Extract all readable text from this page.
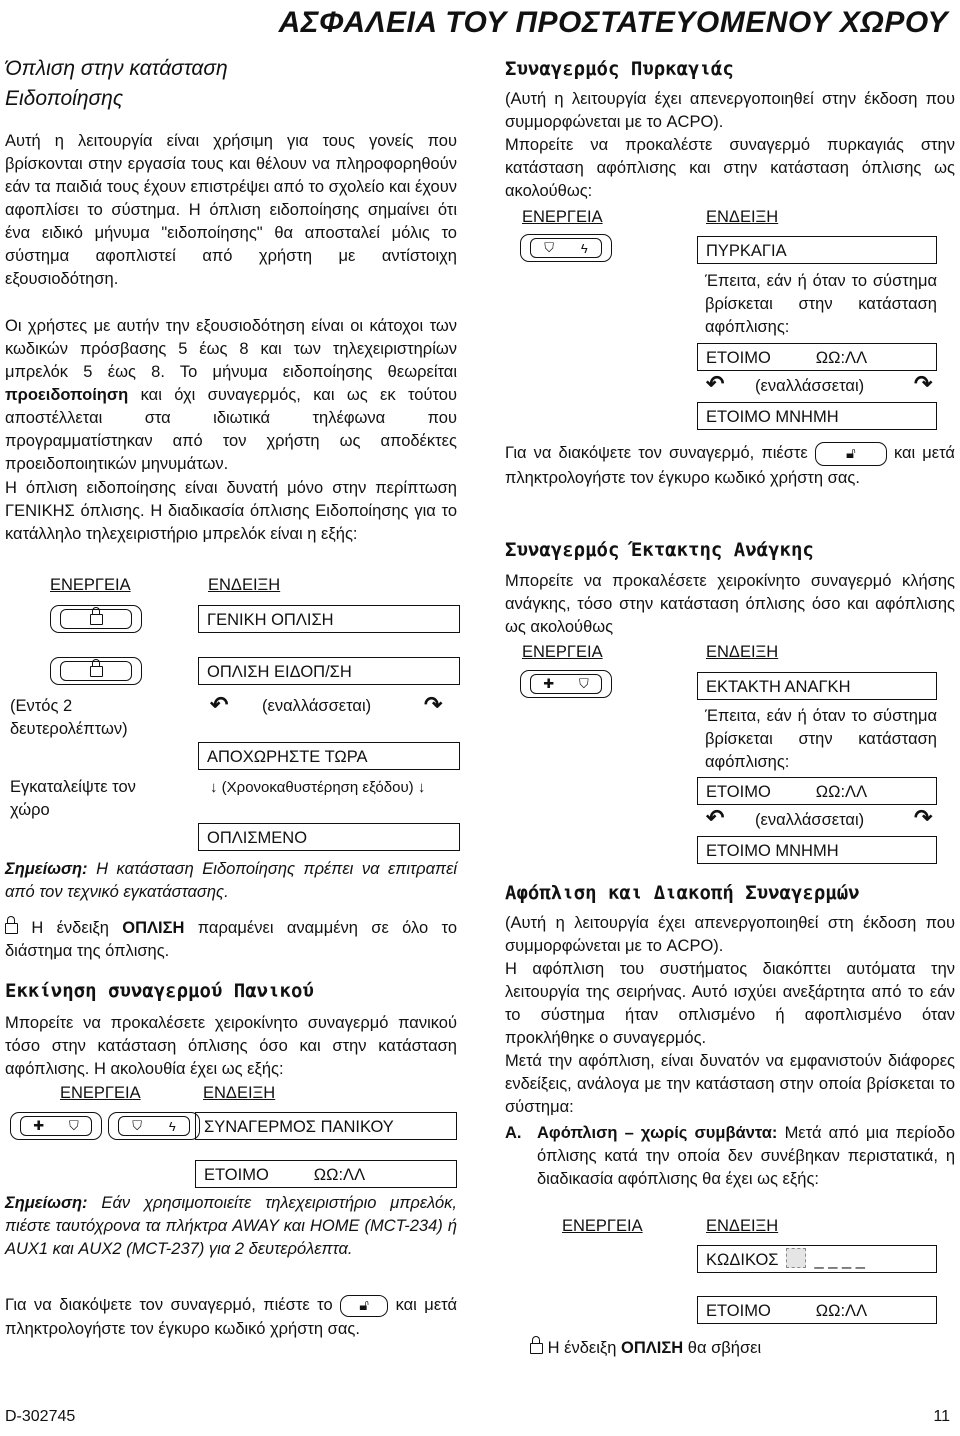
ΑΣΦΑΛΕΙΑ ΤΟΥ ΠΡΟΣΤΑΤΕΥΟΜΕΝΟΥ ΧΩΡΟΥ
Όπλιση στην κατάσταση
Ειδοποίησης
Αυτή η λειτουργία είναι χρήσιμη για τους γονείς που βρίσκονται στην εργασία τους και θέλουν να πληροφορηθούν εάν τα παιδιά τους έχουν επιστρέψει από το σχολείο και έχουν αφοπλίσει το σύστημα. Η όπλιση ειδοποίησης σημαίνει ότι ένα ειδικό μήνυμα "ειδοποίησης" θα αποσταλεί μόλις το σύστημα αφοπλιστεί από χρήστη με αντίστοιχη εξουσιοδότηση.
Οι χρήστες με αυτήν την εξουσιοδότηση είναι οι κάτοχοι των κωδικών πρόσβασης 5 έως 8 και των τηλεχειριστηρίων μπρελόκ 5 έως 8. Το μήνυμα ειδοποίησης θεωρείται προειδοποίηση και όχι συναγερμός, και ως εκ τούτου αποστέλλεται στα ιδιωτικά τηλέφωνα που προγραμματίστηκαν από τον χρήστη ως αποδέκτες προειδοποιητικών μηνυμάτων.
Η όπλιση ειδοποίησης είναι δυνατή μόνο στην περίπτωση ΓΕΝΙΚΗΣ όπλισης. Η διαδικασία όπλισης Ειδοποίησης για το κατάλληλο τηλεχειριστήριο μπρελόκ είναι η εξής:
ΕΝΕΡΓΕΙΑ	ΕΝΔΕΙΞΗ
ΓΕΝΙΚΗ ΟΠΛΙΣΗ
ΟΠΛΙΣΗ ΕΙΔΟΠ/ΣΗ
(Εντός 2 δευτερολέπτων)
↶ (εναλλάσσεται) ↷
ΑΠΟΧΩΡΗΣΤΕ ΤΩΡΑ
Εγκαταλείψτε τον χώρο
↓ (Χρονοκαθυστέρηση εξόδου) ↓
ΟΠΛΙΣΜΕΝΟ
Σημείωση: Η κατάσταση Ειδοποίησης πρέπει να επιτραπεί από τον τεχνικό εγκατάστασης.
Η ένδειξη ΟΠΛΙΣΗ παραμένει αναμμένη σε όλο το διάστημα της όπλισης.
Εκκίνηση συναγερμού Πανικού
Μπορείτε να προκαλέσετε χειροκίνητο συναγερμό πανικού τόσο στην κατάσταση όπλισης όσο και στην κατάσταση αφόπλισης. Η ακολουθία έχει ως εξής:
ΕΝΕΡΓΕΙΑ	ΕΝΔΕΙΞΗ
✚ ⛉	⛉ ϟ	ΣΥΝΑΓΕΡΜΟΣ ΠΑΝΙΚΟΥ
ΕΤΟΙΜΟ	ΩΩ:ΛΛ
Σημείωση: Εάν χρησιμοποιείτε τηλεχειριστήριο μπρελόκ, πιέστε ταυτόχρονα τα πλήκτρα AWAY και HOME (MCT-234) ή AUX1 και AUX2 (MCT-237) για 2 δευτερόλεπτα.
Για να διακόψετε τον συναγερμό, πιέστε το 🔓︎ και μετά πληκτρολογήστε τον έγκυρο κωδικό χρήστη σας.
Συναγερμός Πυρκαγιάς
(Αυτή η λειτουργία έχει απενεργοποιηθεί στην έκδοση που συμμορφώνεται με το ACPO).
Μπορείτε να προκαλέστε συναγερμό πυρκαγιάς στην κατάσταση αφόπλισης και στην κατάσταση όπλισης ως ακολούθως:
ΕΝΕΡΓΕΙΑ	ΕΝΔΕΙΞΗ
⛉ ϟ	ΠΥΡΚΑΓΙΑ
Έπειτα, εάν ή όταν το σύστημα βρίσκεται στην κατάσταση αφόπλισης:
ΕΤΟΙΜΟ	ΩΩ:ΛΛ
↶ (εναλλάσσεται) ↷
ΕΤΟΙΜΟ ΜΝΗΜΗ
Για να διακόψετε τον συναγερμό, πιέστε	🔓︎ και μετά πληκτρολογήστε τον έγκυρο κωδικό χρήστη σας.
Συναγερμός Έκτακτης Ανάγκης
Μπορείτε να προκαλέσετε χειροκίνητο συναγερμό κλήσης ανάγκης, τόσο στην κατάσταση όπλισης όσο και αφόπλισης ως ακολούθως
ΕΝΕΡΓΕΙΑ	ΕΝΔΕΙΞΗ
✚ ⛉	ΕΚΤΑΚΤΗ ΑΝΑΓΚΗ
Έπειτα, εάν ή όταν το σύστημα βρίσκεται στην κατάσταση αφόπλισης:
ΕΤΟΙΜΟ	ΩΩ:ΛΛ
↶ (εναλλάσσεται) ↷
ΕΤΟΙΜΟ ΜΝΗΜΗ
Αφόπλιση και Διακοπή Συναγερμών
(Αυτή η λειτουργία έχει απενεργοποιηθεί στη έκδοση που συμμορφώνεται με το ACPO).
Η αφόπλιση του συστήματος διακόπτει αυτόματα την λειτουργία της σειρήνας. Αυτό ισχύει ανεξάρτητα από το εάν το σύστημα ήταν οπλισμένο ή αφοπλισμένο όταν προκλήθηκε ο συναγερμός.
Μετά την αφόπλιση, είναι δυνατόν να εμφανιστούν διάφορες ενδείξεις, ανάλογα με την κατάσταση στην οποία βρίσκεται το σύστημα:
Α. Αφόπλιση – χωρίς συμβάντα: Μετά από μια περίοδο όπλισης κατά την οποία δεν συνέβηκαν περιστατικά, η διαδικασία αφόπλισης θα έχει ως εξής:
ΕΝΕΡΓΕΙΑ	ΕΝΔΕΙΞΗ
ΚΩΔΙΚΟΣ _ _ _ _
ΕΤΟΙΜΟ	ΩΩ:ΛΛ
Η ένδειξη ΟΠΛΙΣΗ θα σβήσει
D-302745	11
